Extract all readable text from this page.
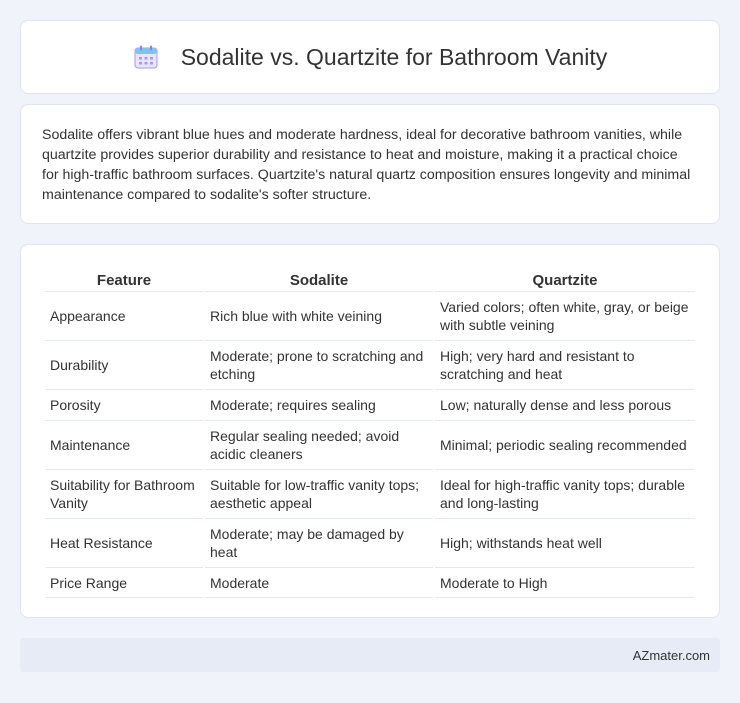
Sodalite vs. Quartzite for Bathroom Vanity

Sodalite offers vibrant blue hues and moderate hardness, ideal for decorative bathroom vanities, while quartzite provides superior durability and resistance to heat and moisture, making it a practical choice for high-traffic bathroom surfaces. Quartzite's natural quartz composition ensures longevity and minimal maintenance compared to sodalite's softer structure.

Feature	Sodalite	Quartzite
Appearance	Rich blue with white veining	Varied colors; often white, gray, or beige with subtle veining
Durability	Moderate; prone to scratching and etching	High; very hard and resistant to scratching and heat
Porosity	Moderate; requires sealing	Low; naturally dense and less porous
Maintenance	Regular sealing needed; avoid acidic cleaners	Minimal; periodic sealing recommended
Suitability for Bathroom Vanity	Suitable for low-traffic vanity tops; aesthetic appeal	Ideal for high-traffic vanity tops; durable and long-lasting
Heat Resistance	Moderate; may be damaged by heat	High; withstands heat well
Price Range	Moderate	Moderate to High
AZmater.com
